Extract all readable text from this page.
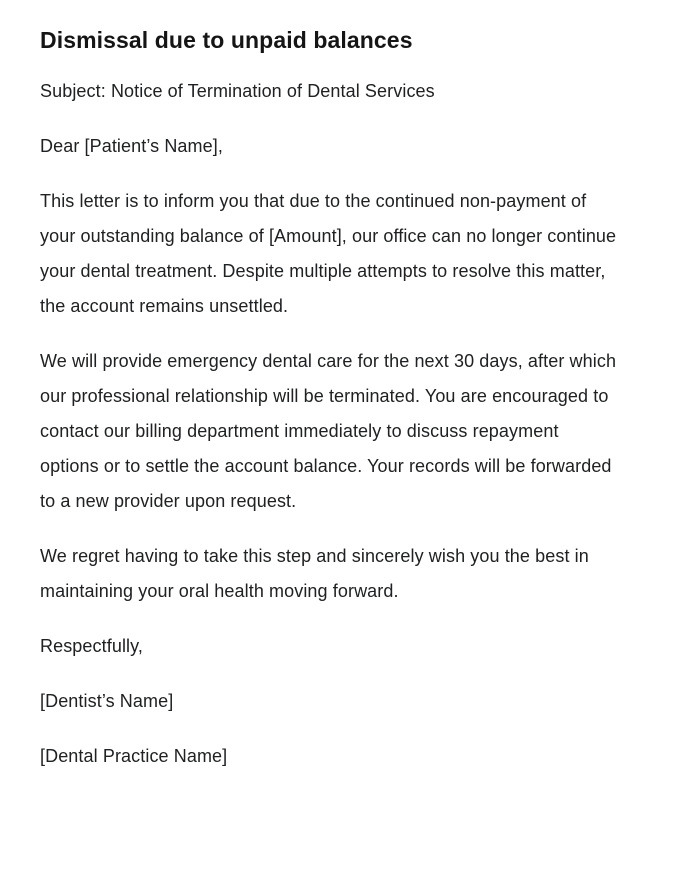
Dismissal due to unpaid balances

Subject: Notice of Termination of Dental Services

Dear [Patient’s Name],

This letter is to inform you that due to the continued non-payment of your outstanding balance of [Amount], our office can no longer continue your dental treatment. Despite multiple attempts to resolve this matter, the account remains unsettled.

We will provide emergency dental care for the next 30 days, after which our professional relationship will be terminated. You are encouraged to contact our billing department immediately to discuss repayment options or to settle the account balance. Your records will be forwarded to a new provider upon request.

We regret having to take this step and sincerely wish you the best in maintaining your oral health moving forward.

Respectfully,

[Dentist’s Name]

[Dental Practice Name]
